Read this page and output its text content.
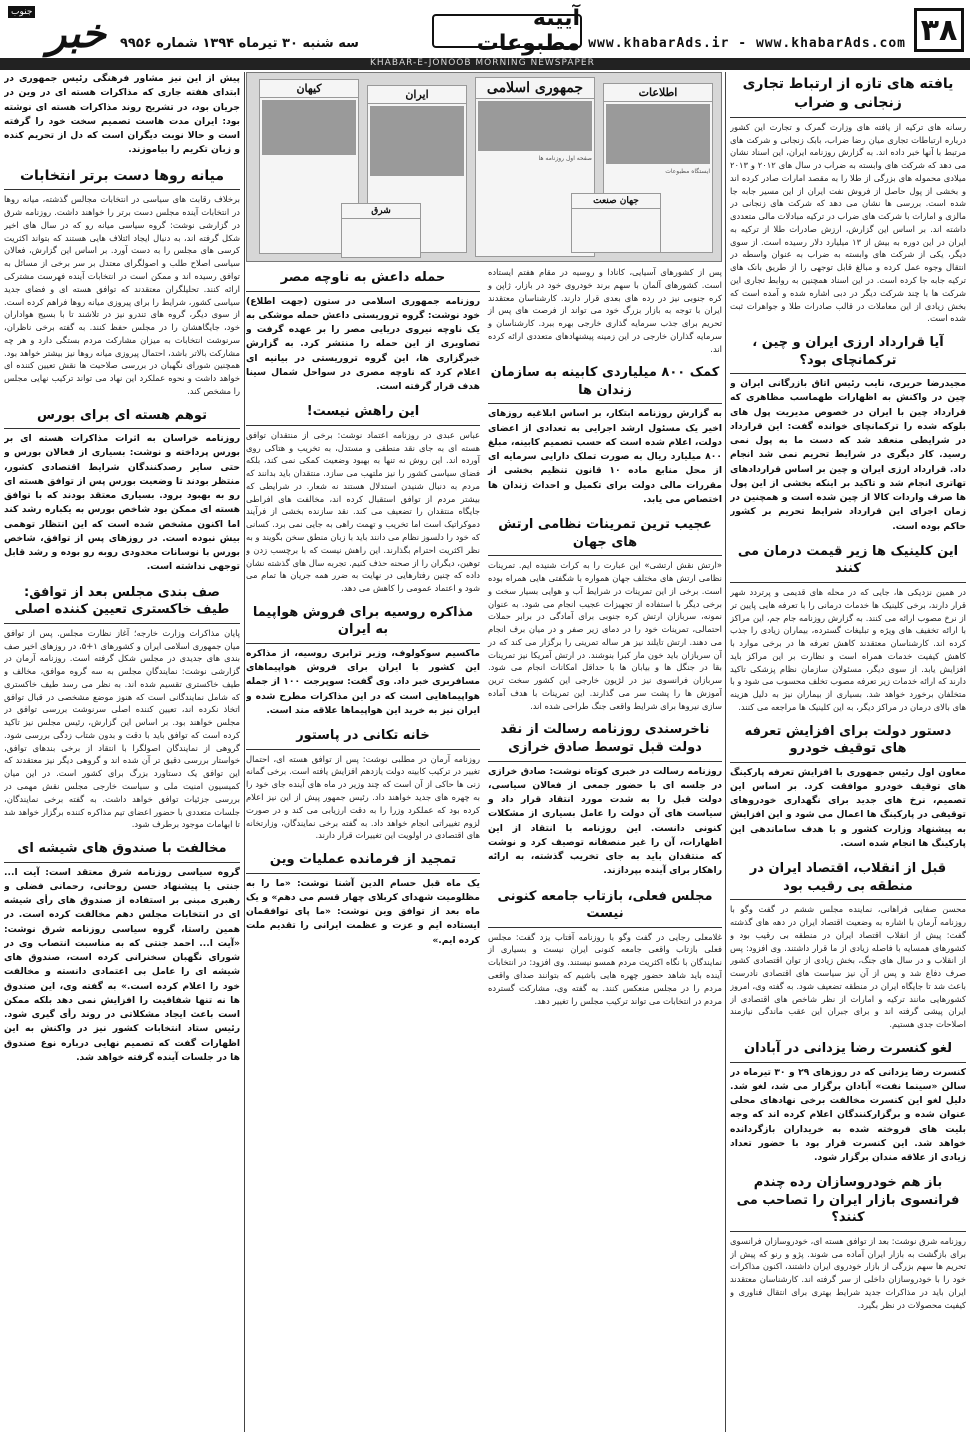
۳۸
www.khabarAds.ir - www.khabarAds.com
آیینه مطبوعات
سه شنبه ۳۰ تیرماه ۱۳۹۴ شماره ۹۹۵۶
جنوب خبر
KHABAR-E-JONOOB MORNING NEWSPAPER
یافته های تازه از ارتباط تجاری زنجانی و ضراب
رسانه های ترکیه از یافته های وزارت گمرک و تجارت این کشور درباره ارتباطات تجاری میان رضا ضراب، بابک زنجانی و شرکت های مرتبط با آنها خبر داده اند. به گزارش روزنامه ایران، این اسناد نشان می دهد که شرکت های وابسته به ضراب در سال های ۲۰۱۲ و ۲۰۱۳ میلادی محموله های بزرگی از طلا را به مقصد امارات صادر کرده اند و بخشی از پول حاصل از فروش نفت ایران از این مسیر جابه جا شده است. بررسی ها نشان می دهد که شرکت های زنجانی در مالزی و امارات با شرکت های ضراب در ترکیه مبادلات مالی متعددی داشته اند. بر اساس این گزارش، ارزش صادرات طلا از ترکیه به ایران در این دوره به بیش از ۱۳ میلیارد دلار رسیده است. از سوی دیگر، یکی از شرکت های وابسته به ضراب به عنوان واسطه در انتقال وجوه عمل کرده و مبالغ قابل توجهی را از طریق بانک های ترکیه جابه جا کرده است. در این اسناد همچنین به روابط تجاری این شرکت ها با چند شرکت دیگر در دبی اشاره شده و آمده است که بخش زیادی از این معاملات در قالب صادرات طلا و جواهرات ثبت شده است.
آیا قرارداد ارزی ایران و چین ، ترکمانچای بود؟
مجیدرضا حریری، نایب رئیس اتاق بازرگانی ایران و چین در واکنش به اظهارات طهماسب مظاهری که قرارداد چین با ایران در خصوص مدیریت پول های بلوکه شده را ترکمانچای خوانده گفت: این قرارداد در شرایطی منعقد شد که دست ما به پول نمی رسید. کار دیگری در شرایط تحریم نمی شد انجام داد. قرارداد ارزی ایران و چین بر اساس قراردادهای تهاتری انجام شد و تاکید بر اینکه بخشی از این پول ها صرف واردات کالا از چین شده است و همچنین در زمان اجرای این قرارداد شرایط تحریم بر کشور حاکم بوده است.
این کلینیک ها زیر قیمت درمان می کنند
در همین نزدیکی ها، جایی که در محله های قدیمی و پرتردد شهر قرار دارند، برخی کلینیک ها خدمات درمانی را با تعرفه هایی پایین تر از نرخ مصوب ارائه می کنند. به گزارش روزنامه جام جم، این مراکز با ارائه تخفیف های ویژه و تبلیغات گسترده، بیماران زیادی را جذب کرده اند. کارشناسان معتقدند کاهش تعرفه ها در برخی موارد با کاهش کیفیت خدمات همراه است و نظارت بر این مراکز باید افزایش یابد. از سوی دیگر، مسئولان سازمان نظام پزشکی تاکید دارند که ارائه خدمات زیر تعرفه مصوب تخلف محسوب می شود و با متخلفان برخورد خواهد شد. بسیاری از بیماران نیز به دلیل هزینه های بالای درمان در مراکز دیگر، به این کلینیک ها مراجعه می کنند.
دستور دولت برای افزایش تعرفه های توقیف خودرو
معاون اول رئیس جمهوری با افزایش تعرفه پارکینگ های توقیف خودرو موافقت کرد. بر اساس این تصمیم، نرخ های جدید برای نگهداری خودروهای توقیفی در پارکینگ ها اعمال می شود و این افزایش به پیشنهاد وزارت کشور و با هدف ساماندهی این پارکینگ ها انجام شده است.
قبل از انقلاب، اقتصاد ایران در منطقه بی رقیب بود
محسن صفایی فراهانی، نماینده مجلس ششم در گفت وگو با روزنامه آرمان با اشاره به وضعیت اقتصاد ایران در دهه های گذشته گفت: پیش از انقلاب اقتصاد ایران در منطقه بی رقیب بود و کشورهای همسایه با فاصله زیادی از ما قرار داشتند. وی افزود: پس از انقلاب و در سال های جنگ، بخش زیادی از توان اقتصادی کشور صرف دفاع شد و پس از آن نیز سیاست های اقتصادی نادرست باعث شد تا جایگاه ایران در منطقه تضعیف شود. به گفته وی، امروز کشورهایی مانند ترکیه و امارات از نظر شاخص های اقتصادی از ایران پیشی گرفته اند و برای جبران این عقب ماندگی نیازمند اصلاحات جدی هستیم.
لغو کنسرت رضا یزدانی در آبادان
کنسرت رضا یزدانی که در روزهای ۲۹ و ۳۰ تیرماه در سالن «سینما نفت» آبادان برگزار می شد، لغو شد. دلیل لغو این کنسرت مخالفت برخی نهادهای محلی عنوان شده و برگزارکنندگان اعلام کرده اند که وجه بلیت های فروخته شده به خریداران بازگردانده خواهد شد. این کنسرت قرار بود با حضور تعداد زیادی از علاقه مندان برگزار شود.
باز هم خودروسازان رده چندم فرانسوی بازار ایران را تصاحب می کنند؟
روزنامه شرق نوشت: بعد از توافق هسته ای، خودروسازان فرانسوی برای بازگشت به بازار ایران آماده می شوند. پژو و رنو که پیش از تحریم ها سهم بزرگی از بازار خودروی ایران داشتند، اکنون مذاکرات خود را با خودروسازان داخلی از سر گرفته اند. کارشناسان معتقدند ایران باید در مذاکرات جدید شرایط بهتری برای انتقال فناوری و کیفیت محصولات در نظر بگیرد.
اطلاعات
ایستگاه مطبوعات
جمهوری اسلامی
صفحه اول روزنامه ها
ایران
کیهان
جهان صنعت
شرق
پس از کشورهای آسیایی، کانادا و روسیه در مقام هفتم ایستاده است. کشورهای آلمان با سهم برند خودروی خود در بازار، ژاپن و کره جنوبی نیز در رده های بعدی قرار دارند. کارشناسان معتقدند ایران با توجه به بازار بزرگ خود می تواند از فرصت های پس از تحریم برای جذب سرمایه گذاری خارجی بهره ببرد. کارشناسان و سرمایه گذاران خارجی در این زمینه پیشنهادهای متعددی ارائه کرده اند.
کمک ۸۰۰ میلیاردی کابینه به سازمان زندان ها
به گزارش روزنامه ابتکار، بر اساس ابلاغیه روزهای اخیر یک مسئول ارشد اجرایی به تعدادی از اعضای دولت، اعلام شده است که حسب تصمیم کابینه، مبلغ ۸۰۰ میلیارد ریال به صورت تملک دارایی سرمایه ای از محل منابع ماده ۱۰ قانون تنظیم بخشی از مقررات مالی دولت برای تکمیل و احداث زندان ها اختصاص می یابد.
عجیب ترین تمرینات نظامی ارتش های جهان
«ارتش نقش ارتشی» این عبارت را به کرات شنیده ایم. تمرینات نظامی ارتش های مختلف جهان همواره با شگفتی هایی همراه بوده است. برخی از این تمرینات در شرایط آب و هوایی بسیار سخت و برخی دیگر با استفاده از تجهیزات عجیب انجام می شود. به عنوان نمونه، سربازان ارتش کره جنوبی برای آمادگی در برابر حملات احتمالی، تمرینات خود را در دمای زیر صفر و در میان برف انجام می دهند. ارتش تایلند نیز هر ساله تمرینی را برگزار می کند که در آن سربازان باید خون مار کبرا بنوشند. در ارتش آمریکا نیز تمرینات بقا در جنگل ها و بیابان ها با حداقل امکانات انجام می شود. سربازان فرانسوی نیز در لژیون خارجی این کشور سخت ترین آموزش ها را پشت سر می گذارند. این تمرینات با هدف آماده سازی نیروها برای شرایط واقعی جنگ طراحی شده اند.
ناخرسندی روزنامه رسالت از نقد دولت قبل توسط صادق خرازی
روزنامه رسالت در خبری کوتاه نوشت: صادق خرازی در جلسه ای با حضور جمعی از فعالان سیاسی، دولت قبل را به شدت مورد انتقاد قرار داد و سیاست های آن دولت را عامل بسیاری از مشکلات کنونی دانست. این روزنامه با انتقاد از این اظهارات، آن را غیر منصفانه توصیف کرد و نوشت که منتقدان باید به جای تخریب گذشته، به ارائه راهکار برای آینده بپردازند.
مجلس فعلی، بازتاب جامعه کنونی نیست
غلامعلی رجایی در گفت وگو با روزنامه آفتاب یزد گفت: مجلس فعلی بازتاب واقعی جامعه کنونی ایران نیست و بسیاری از نمایندگان با نگاه اکثریت مردم همسو نیستند. وی افزود: در انتخابات آینده باید شاهد حضور چهره هایی باشیم که بتوانند صدای واقعی مردم را در مجلس منعکس کنند. به گفته وی، مشارکت گسترده مردم در انتخابات می تواند ترکیب مجلس را تغییر دهد.
حمله داعش به ناوچه مصر
روزنامه جمهوری اسلامی در ستون (جهت اطلاع) خود نوشت: گروه تروریستی داعش حمله موشکی به یک ناوچه نیروی دریایی مصر را بر عهده گرفت و تصاویری از این حمله را منتشر کرد. به گزارش خبرگزاری ها، این گروه تروریستی در بیانیه ای اعلام کرد که ناوچه مصری در سواحل شمال سینا هدف قرار گرفته است.
این راهش نیست!
عباس عبدی در روزنامه اعتماد نوشت: برخی از منتقدان توافق هسته ای به جای نقد منطقی و مستدل، به تخریب و هتاکی روی آورده اند. این روش نه تنها به بهبود وضعیت کمکی نمی کند، بلکه فضای سیاسی کشور را نیز ملتهب می سازد. منتقدان باید بدانند که مردم به دنبال شنیدن استدلال هستند نه شعار. در شرایطی که بیشتر مردم از توافق استقبال کرده اند، مخالفت های افراطی جایگاه منتقدان را تضعیف می کند. نقد سازنده بخشی از فرآیند دموکراتیک است اما تخریب و تهمت راهی به جایی نمی برد. کسانی که خود را دلسوز نظام می دانند باید با زبان منطق سخن بگویند و به نظر اکثریت احترام بگذارند. این راهش نیست که با برچسب زدن و توهین، دیگران را از صحنه حذف کنیم. تجربه سال های گذشته نشان داده که چنین رفتارهایی در نهایت به ضرر همه جریان ها تمام می شود و اعتماد عمومی را کاهش می دهد.
مذاکره روسیه برای فروش هواپیما به ایران
ماکسیم سوکولوف، وزیر ترابری روسیه، از مذاکره این کشور با ایران برای فروش هواپیماهای مسافربری خبر داد. وی گفت: سوپرجت ۱۰۰ از جمله هواپیماهایی است که در این مذاکرات مطرح شده و ایران نیز به خرید این هواپیماها علاقه مند است.
خانه تکانی در پاستور
روزنامه آرمان در مطلبی نوشت: پس از توافق هسته ای، احتمال تغییر در ترکیب کابینه دولت یازدهم افزایش یافته است. برخی گمانه زنی ها حاکی از آن است که چند وزیر در ماه های آینده جای خود را به چهره های جدید خواهند داد. رئیس جمهور پیش از این نیز اعلام کرده بود که عملکرد وزرا را به دقت ارزیابی می کند و در صورت لزوم تغییراتی انجام خواهد داد. به گفته برخی نمایندگان، وزارتخانه های اقتصادی در اولویت این تغییرات قرار دارند.
تمجید از فرمانده عملیات وین
یک ماه قبل حسام الدین آشنا نوشت: «ما را به مظلومیت شهدای کربلای چهار قسم می دهم» و یک ماه بعد از توافق وین نوشت: «ما پای توافقمان ایستاده ایم و عزت و عظمت ایرانی را تقدیم ملت کرده ایم.»
پیش از این نیز مشاور فرهنگی رئیس جمهوری در ابتدای هفته جاری که مذاکرات هسته ای در وین در جریان بود، در تشریح روند مذاکرات هسته ای نوشته بود: ایران مدت هاست تصمیم سخت خود را گرفته است و حالا نوبت دیگران است که دل از تحریم کنده و زبان تکریم را بیاموزند.
میانه روها دست برتر انتخابات
برخلاف رقابت های سیاسی در انتخابات مجالس گذشته، میانه روها در انتخابات آینده مجلس دست برتر را خواهند داشت. روزنامه شرق در گزارشی نوشت: گروه سیاسی میانه رو که در سال های اخیر شکل گرفته اند، به دنبال ایجاد ائتلاف هایی هستند که بتواند اکثریت کرسی های مجلس را به دست آورد. بر اساس این گزارش، فعالان سیاسی اصلاح طلب و اصولگرای معتدل بر سر برخی از مسائل به توافق رسیده اند و ممکن است در انتخابات آینده فهرست مشترکی ارائه کنند. تحلیلگران معتقدند که توافق هسته ای و فضای جدید سیاسی کشور، شرایط را برای پیروزی میانه روها فراهم کرده است. از سوی دیگر، گروه های تندرو نیز در تلاشند تا با بسیج هواداران خود، جایگاهشان را در مجلس حفظ کنند. به گفته برخی ناظران، سرنوشت انتخابات به میزان مشارکت مردم بستگی دارد و هر چه مشارکت بالاتر باشد، احتمال پیروزی میانه روها نیز بیشتر خواهد بود. همچنین شورای نگهبان در بررسی صلاحیت ها نقش تعیین کننده ای خواهد داشت و نحوه عملکرد این نهاد می تواند ترکیب نهایی مجلس را مشخص کند.
توهم هسته ای برای بورس
روزنامه خراسان به اثرات مذاکرات هسته ای بر بورس پرداخته و نوشت: بسیاری از فعالان بورس و حتی سایر رصدکنندگان شرایط اقتصادی کشور، منتظر بودند تا وضعیت بورس پس از توافق هسته ای رو به بهبود برود. بسیاری معتقد بودند که با توافق هسته ای ممکن بود شاخص بورس به یکباره رشد کند اما اکنون مشخص شده است که این انتظار توهمی بیش نبوده است. در روزهای پس از توافق، شاخص بورس با نوسانات محدودی روبه رو بوده و رشد قابل توجهی نداشته است.
صف بندی مجلس بعد از توافق: طیف خاکستری تعیین کننده اصلی
پایان مذاکرات وزارت خارجه؛ آغاز نظارت مجلس. پس از توافق میان جمهوری اسلامی ایران و کشورهای ۱+۵، در روزهای اخیر صف بندی های جدیدی در مجلس شکل گرفته است. روزنامه آرمان در گزارشی نوشت: نمایندگان مجلس به سه گروه موافق، مخالف و طیف خاکستری تقسیم شده اند. به نظر می رسد طیف خاکستری که شامل نمایندگانی است که هنوز موضع مشخصی در قبال توافق اتخاذ نکرده اند، تعیین کننده اصلی سرنوشت بررسی توافق در مجلس خواهند بود. بر اساس این گزارش، رئیس مجلس نیز تاکید کرده است که توافق باید با دقت و بدون شتاب زدگی بررسی شود. گروهی از نمایندگان اصولگرا با انتقاد از برخی بندهای توافق، خواستار بررسی دقیق تر آن شده اند و گروهی دیگر نیز معتقدند که این توافق یک دستاورد بزرگ برای کشور است. در این میان کمیسیون امنیت ملی و سیاست خارجی مجلس نقش مهمی در بررسی جزئیات توافق خواهد داشت. به گفته برخی نمایندگان، جلسات متعددی با حضور اعضای تیم مذاکره کننده برگزار خواهد شد تا ابهامات موجود برطرف شود.
مخالفت با صندوق های شیشه ای
گروه سیاسی روزنامه شرق معتقد است: آیت ا... جنتی یا پیشنهاد حسن روحانی، رحمانی فضلی و رهبری مبنی بر استفاده از صندوق های رأی شیشه ای در انتخابات مجلس دهم مخالفت کرده است. در همین راستا، گروه سیاسی روزنامه شرق نوشت: «آیت ا... احمد جنتی که به مناسبت انتصاب وی در شورای نگهبان سخنرانی کرده است، صندوق های شیشه ای را عامل بی اعتمادی دانسته و مخالفت خود را اعلام کرده است.» به گفته وی، این صندوق ها نه تنها شفافیت را افزایش نمی دهد بلکه ممکن است باعث ایجاد مشکلاتی در روند رأی گیری شود. رئیس ستاد انتخابات کشور نیز در واکنش به این اظهارات گفت که تصمیم نهایی درباره نوع صندوق ها در جلسات آینده گرفته خواهد شد.
